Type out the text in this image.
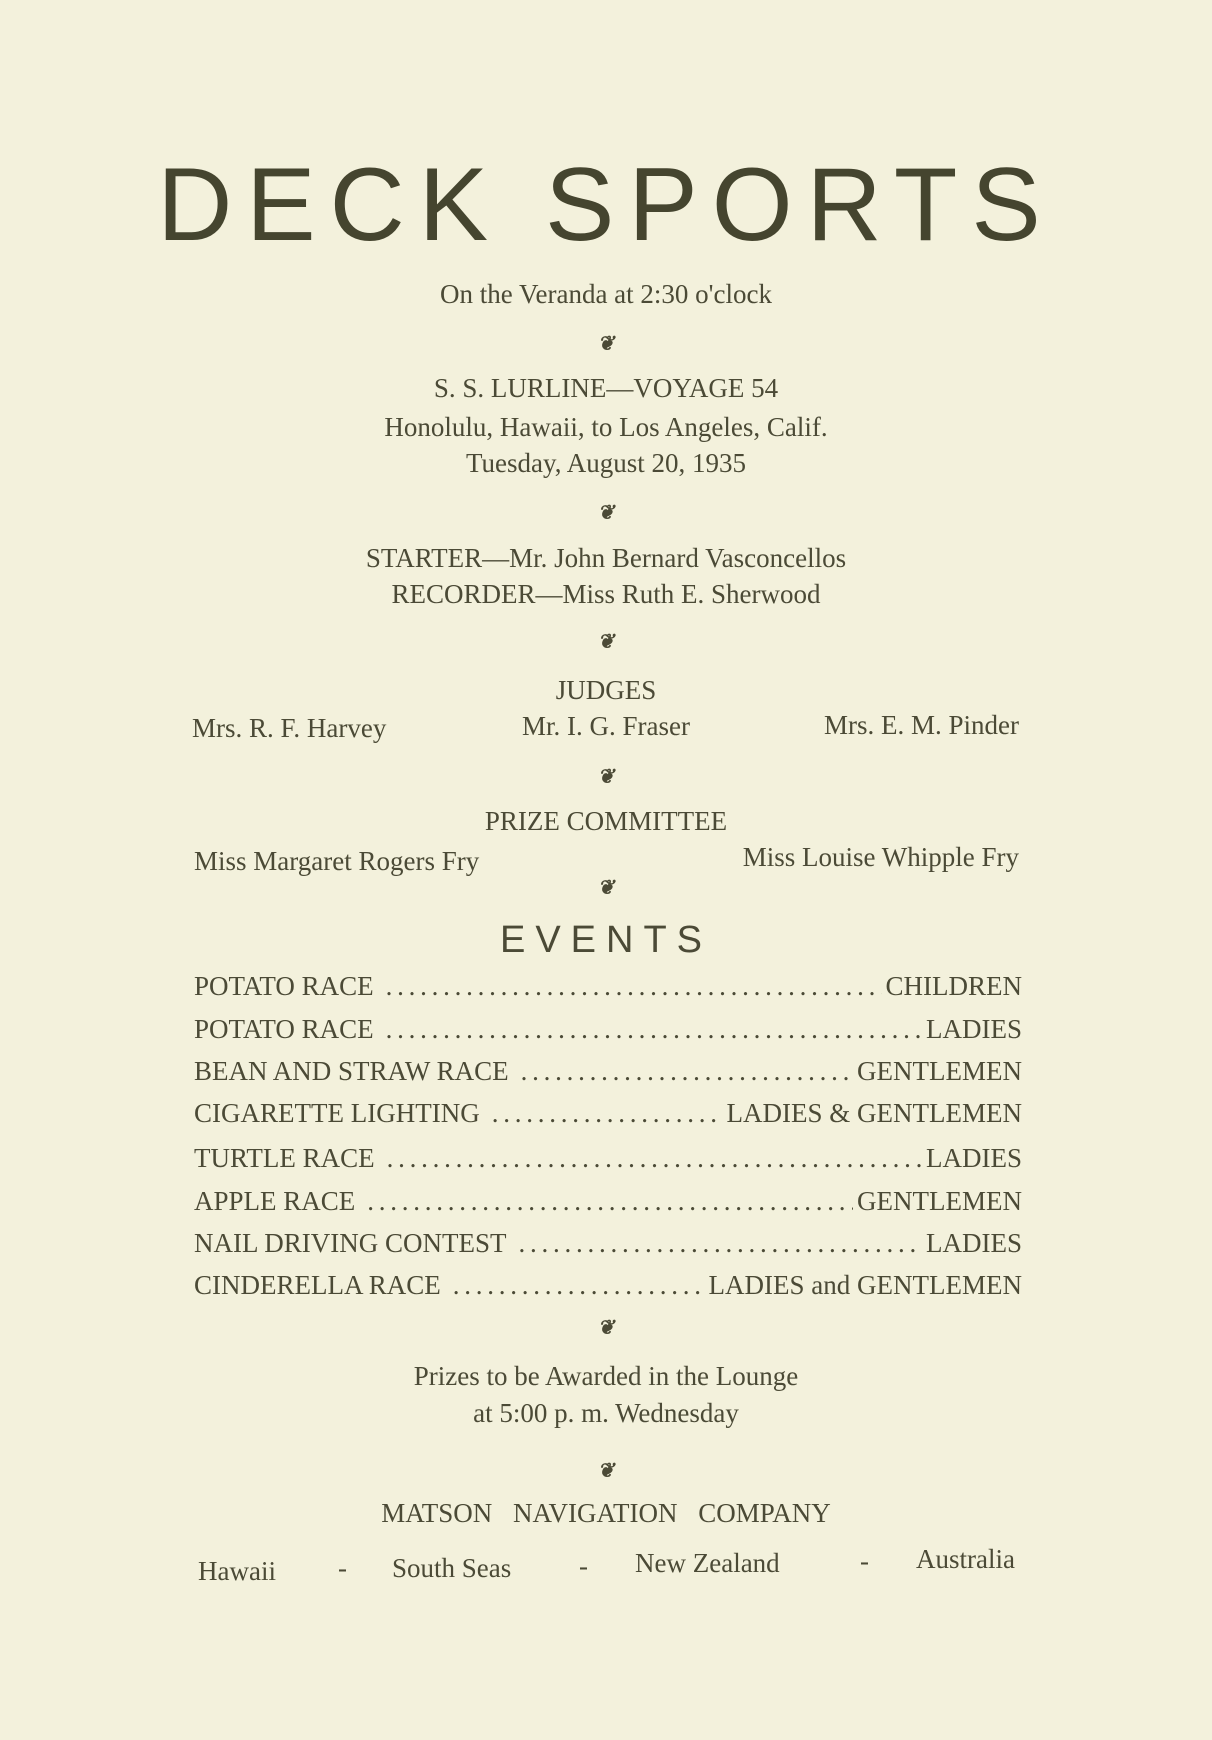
DECK SPORTS
On the Veranda at 2:30 o'clock
❦
S. S. LURLINE—VOYAGE 54
Honolulu, Hawaii, to Los Angeles, Calif.
Tuesday, August 20, 1935
❦
STARTER—Mr. John Bernard Vasconcellos
RECORDER—Miss Ruth E. Sherwood
❦
JUDGES
Mrs. R. F. Harvey	Mr. I. G. Fraser	Mrs. E. M. Pinder
❦
PRIZE COMMITTEE
Miss Margaret Rogers Fry	Miss Louise Whipple Fry
❦
EVENTS
POTATO RACE . . .	CHILDREN
POTATO RACE . . .	LADIES
BEAN AND STRAW RACE . . .	GENTLEMEN
CIGARETTE LIGHTING . . .	LADIES & GENTLEMEN
TURTLE RACE . . .	LADIES
APPLE RACE . . .	GENTLEMEN
NAIL DRIVING CONTEST . . .	LADIES
CINDERELLA RACE . . .	LADIES and GENTLEMEN
❦
Prizes to be Awarded in the Lounge
at 5:00 p. m. Wednesday
❦
MATSON NAVIGATION COMPANY
Hawaii - South Seas	- New Zealand	- Australia
